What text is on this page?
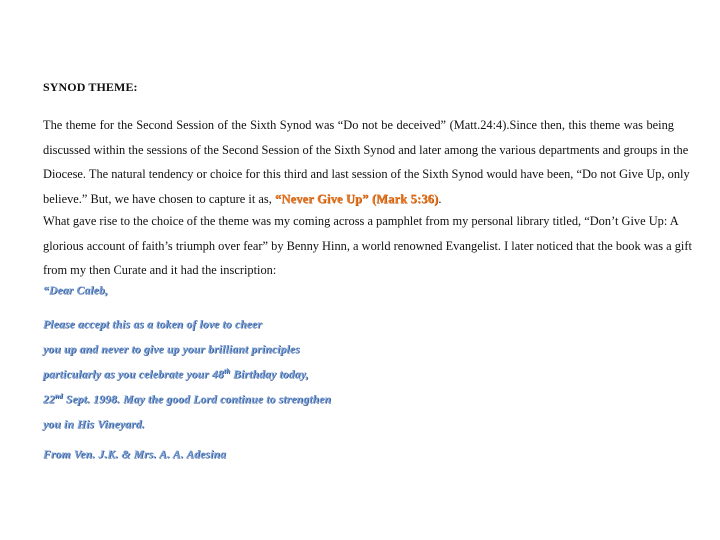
SYNOD THEME:
The theme for the Second Session of the Sixth Synod was “Do not be deceived” (Matt.24:4).Since then, this theme was being
discussed within the sessions of the Second Session of the Sixth Synod and later among the various departments and groups in the
Diocese. The natural tendency or choice for this third and last session of the Sixth Synod would have been, “Do not Give Up, only
believe.” But, we have chosen to capture it as, “Never Give Up” (Mark 5:36).
What gave rise to the choice of the theme was my coming across a pamphlet from my personal library titled, “Don’t Give Up: A
glorious account of faith’s triumph over fear” by Benny Hinn, a world renowned Evangelist. I later noticed that the book was a gift
from my then Curate and it had the inscription:
“Dear Caleb,
Please accept this as a token of love to cheer
you up and never to give up your brilliant principles
particularly as you celebrate your 48th Birthday today,
22nd Sept. 1998. May the good Lord continue to strengthen
you in His Vineyard.
From Ven. J.K. & Mrs. A. A. Adesina
